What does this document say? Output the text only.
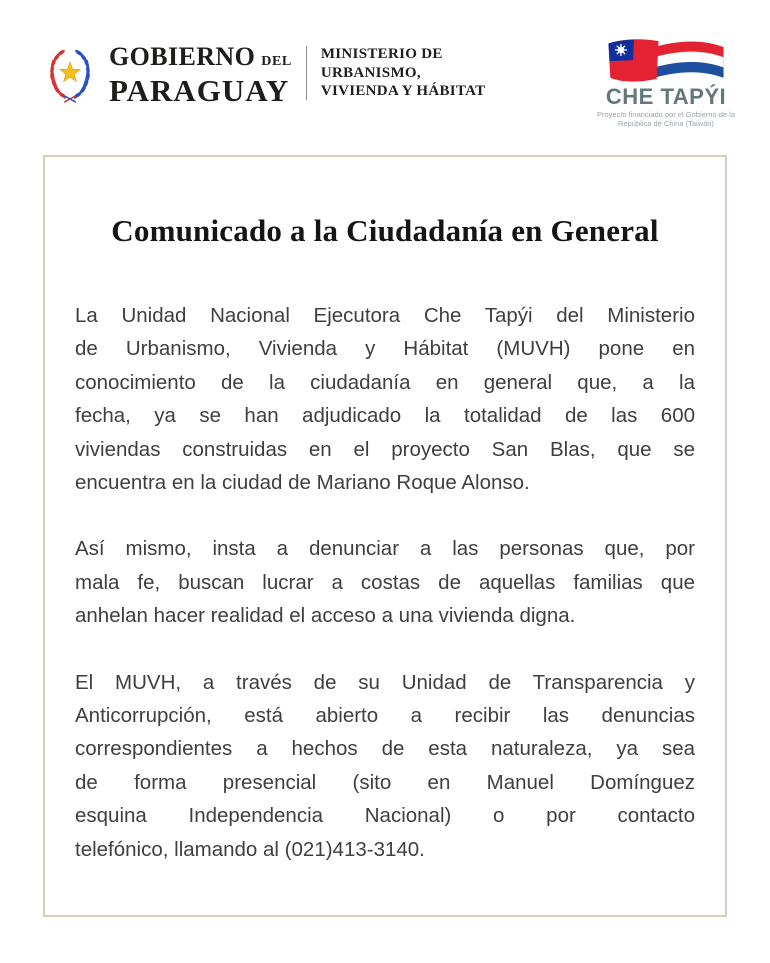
GOBIERNO DEL
PARAGUAY
MINISTERIO DE
URBANISMO,
VIVIENDA Y HÁBITAT	CHE TAPÝI
Proyecto financiado por el Gobierno de la
República de China (Taiwán)
Comunicado a la Ciudadanía en General
La Unidad Nacional Ejecutora Che Tapýi del Ministerio
de Urbanismo, Vivienda y Hábitat (MUVH) pone en
conocimiento de la ciudadanía en general que, a la
fecha, ya se han adjudicado la totalidad de las 600
viviendas construidas en el proyecto San Blas, que se
encuentra en la ciudad de Mariano Roque Alonso.
Así mismo, insta a denunciar a las personas que, por
mala fe, buscan lucrar a costas de aquellas familias que
anhelan hacer realidad el acceso a una vivienda digna.
El MUVH, a través de su Unidad de Transparencia y
Anticorrupción, está abierto a recibir las denuncias
correspondientes a hechos de esta naturaleza, ya sea
de forma presencial (sito en Manuel Domínguez
esquina Independencia Nacional) o por contacto
telefónico, llamando al (021)413-3140.
